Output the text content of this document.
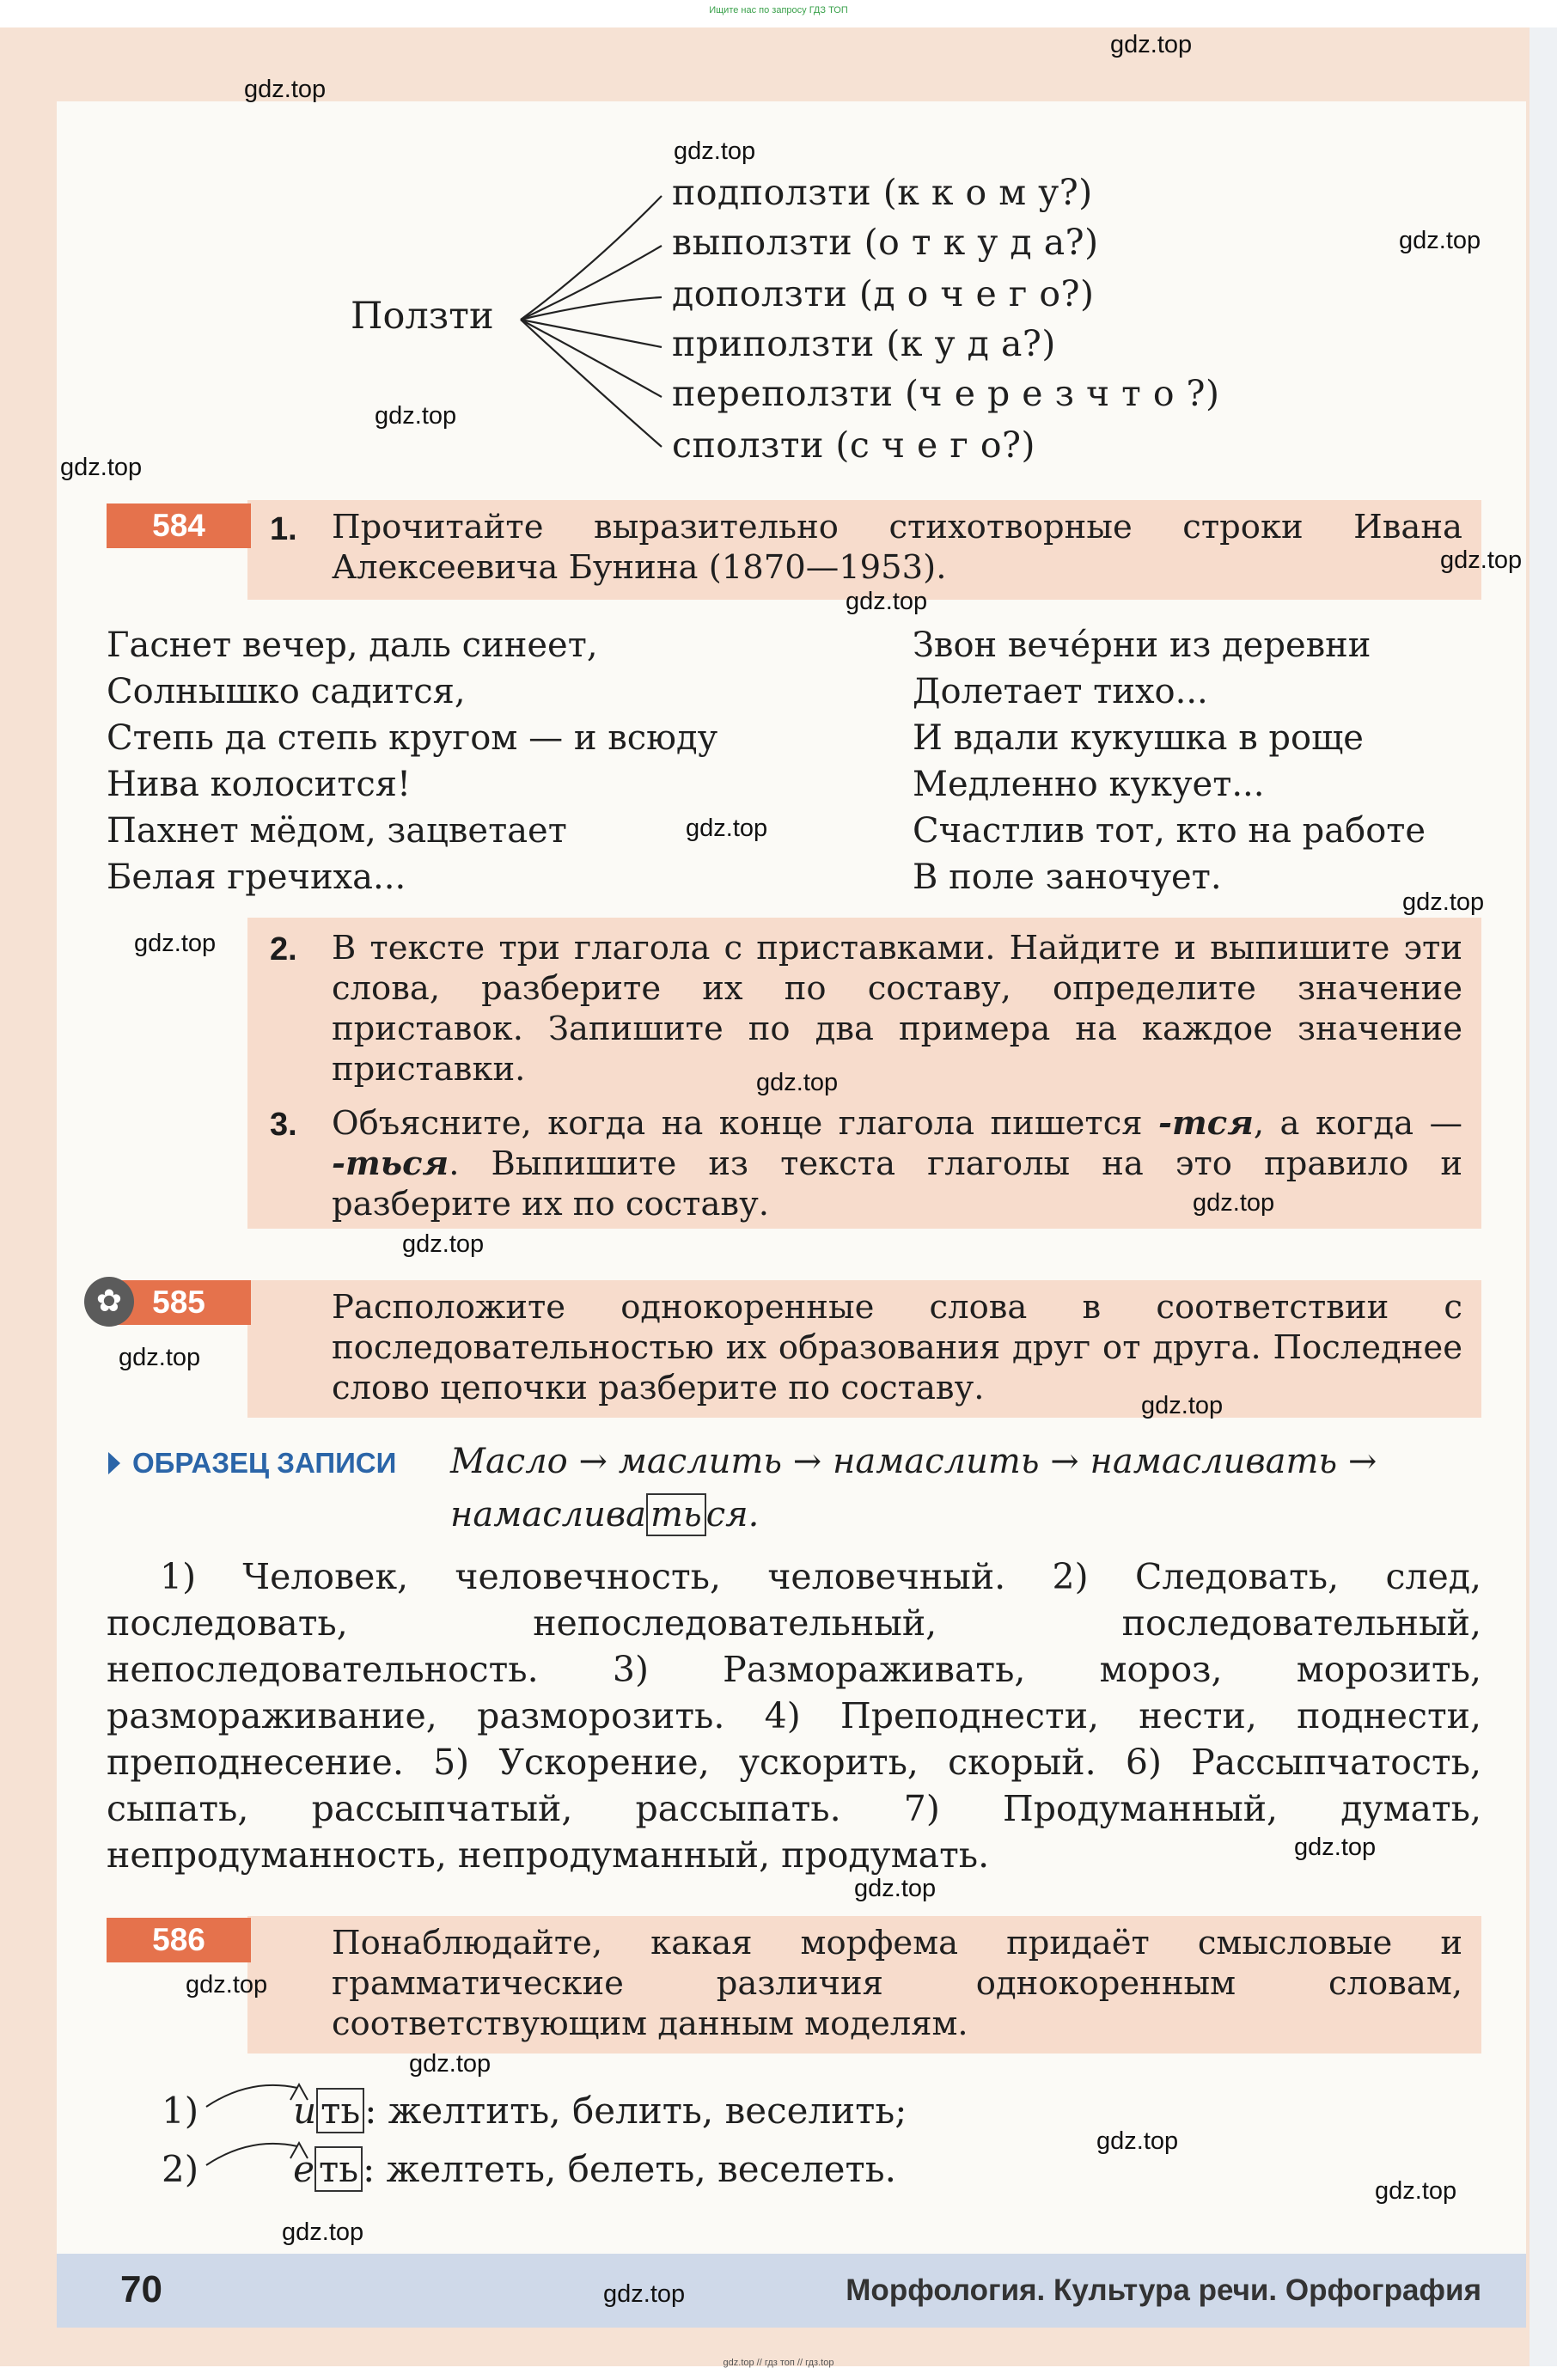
Ищите нас по запросу ГДЗ ТОП
gdz.top // гдз топ // гдз.top
Ползти
подползти (к к о м у?)
выползти (о т к у д а?)
доползти (д о ч е г о?)
приползти (к у д а?)
переползти (ч е р е з ч т о ?)
сползти (с ч е г о?)
584	1. Прочитайте выразительно стихотворные строки Ивана Алексеевича Бунина (1870—1953).
Гаснет вечер, даль синеет,
Солнышко садится,
Степь да степь кругом — и всюду
Нива колосится!
Пахнет мёдом, зацветает
Белая гречиха...
Звон вечéрни из деревни
Долетает тихо...
И вдали кукушка в роще
Медленно кукует...
Счастлив тот, кто на работе
В поле заночует.
2. В тексте три глагола с приставками. Найдите и выпишите эти слова, разберите их по составу, определите значение приставок. Запишите по два примера на каждое значение приставки.
3. Объясните, когда на конце глагола пишется -тся, а когда — -ться. Выпишите из текста глаголы на это правило и разберите их по составу.
585
✿	Расположите однокоренные слова в соответствии с последовательностью их образования друг от друга. Последнее слово цепочки разберите по составу.
ОБРАЗЕЦ ЗАПИСИ Масло → маслить → намаслить → намасливать →
намаслива ть ся.
1) Человек, человечность, человечный. 2) Следовать, след, последовать, непоследовательный, последовательный, непоследовательность. 3) Размораживать, мороз, морозить, размораживание, разморозить. 4) Преподнести, нести, поднести, преподнесение. 5) Ускорение, ускорить, скорый. 6) Рассыпчатость, сыпать, рассыпчатый, рассыпать. 7) Продуманный, думать, непродуманность, непродуманный, продумать.
586	Понаблюдайте, какая морфема придаёт смысловые и грамматические различия однокоренным словам, соответствующим данным моделям.
1)	и ть : желтить, белить, веселить;
2)	е ть : желтеть, белеть, веселеть.
70	Морфология. Культура речи. Орфография
gdz.top
gdz.top
gdz.top
gdz.top
gdz.top
gdz.top
gdz.top
gdz.top
gdz.top
gdz.top
gdz.top
gdz.top
gdz.top
gdz.top
gdz.top
gdz.top
gdz.top
gdz.top
gdz.top
gdz.top
gdz.top
gdz.top
gdz.top
gdz.top
